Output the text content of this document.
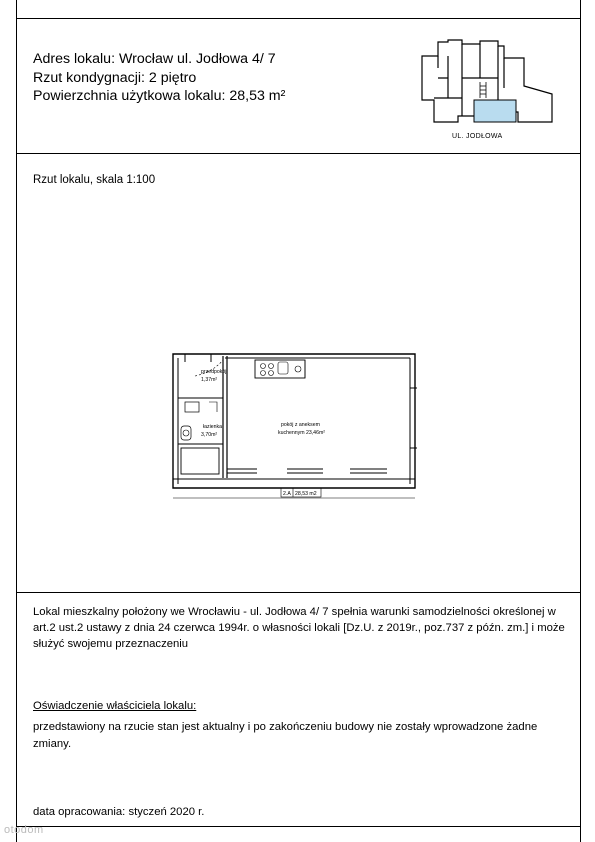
Adres lokalu: Wrocław ul. Jodłowa 4/ 7
Rzut kondygnacji: 2 piętro
Powierzchnia użytkowa lokalu: 28,53 m²
UL. JODŁOWA
Rzut lokalu, skala 1:100
przedpokój
1,37m²
łazienka
3,70m²
pokój z aneksem
kuchennym 23,46m²
2.A 28,53 m2
Lokal mieszkalny położony we Wrocławiu - ul. Jodłowa 4/ 7 spełnia warunki samodzielności określonej w art.2 ust.2 ustawy z dnia 24 czerwca 1994r. o własności lokali [Dz.U. z 2019r., poz.737 z późn. zm.] i może służyć swojemu przeznaczeniu
Oświadczenie właściciela lokalu:
przedstawiony na rzucie stan jest aktualny i po zakończeniu budowy nie zostały wprowadzone żadne zmiany.
data opracowania: styczeń 2020 r.
otodom
